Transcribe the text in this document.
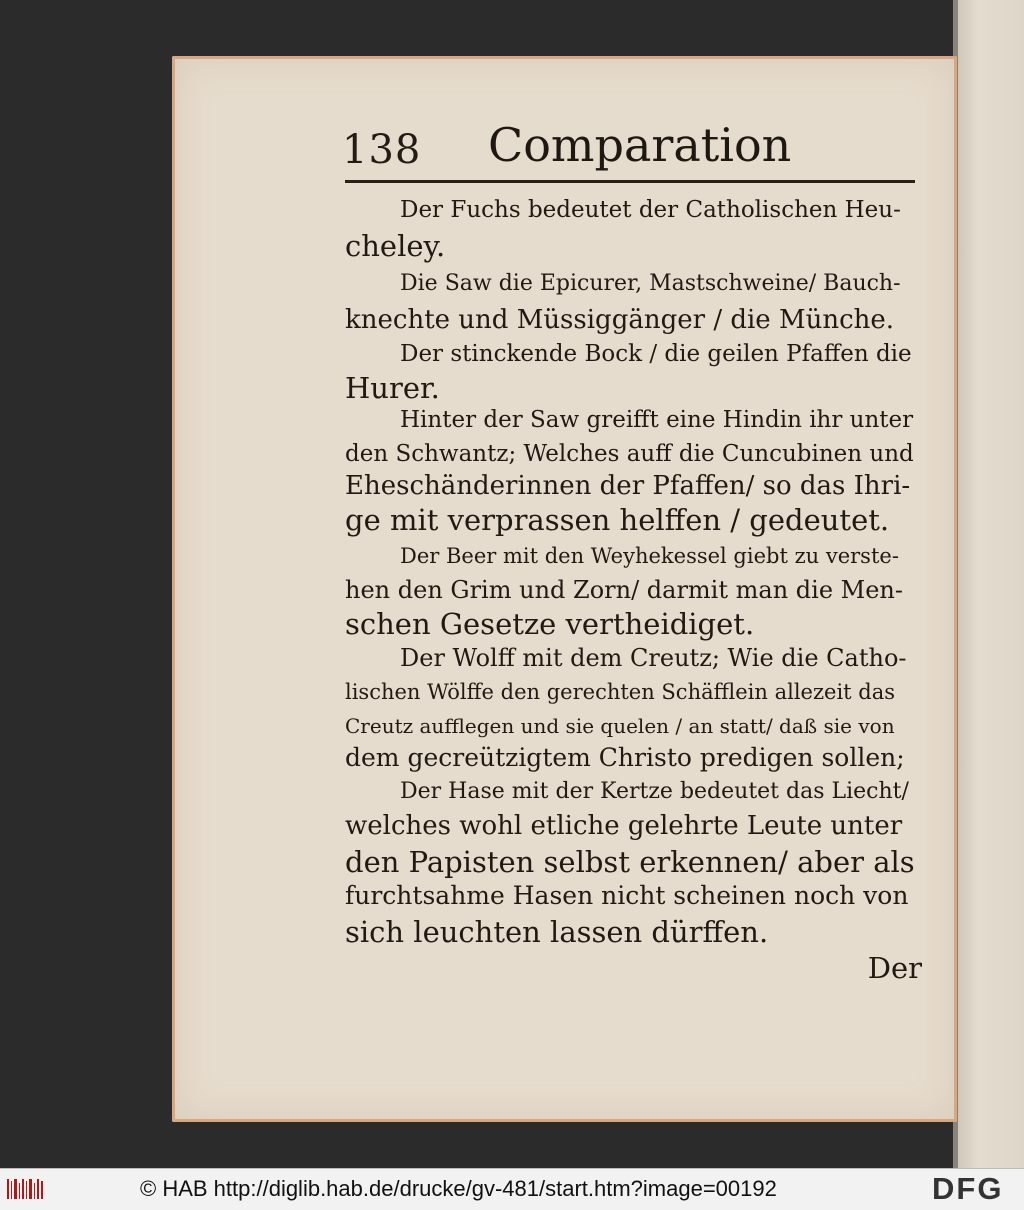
138 Comparation
Der Fuchs bedeutet der Catholischen Heu-
cheley.
Die Saw die Epicurer, Mastschweine/ Bauch-
knechte und Müssiggänger / die Münche.
Der stinckende Bock / die geilen Pfaffen die
Hurer.
Hinter der Saw greifft eine Hindin ihr unter
den Schwantz; Welches auff die Cuncubinen und
Eheschänderinnen der Pfaffen/ so das Ihri-
ge mit verprassen helffen / gedeutet.
Der Beer mit den Weyhekessel giebt zu verste-
hen den Grim und Zorn/ darmit man die Men-
schen Gesetze vertheidiget.
Der Wolff mit dem Creutz; Wie die Catho-
lischen Wölffe den gerechten Schäfflein allezeit das
Creutz aufflegen und sie quelen / an statt/ daß sie von
dem gecreützigtem Christo predigen sollen;
Der Hase mit der Kertze bedeutet das Liecht/
welches wohl etliche gelehrte Leute unter
den Papisten selbst erkennen/ aber als
furchtsahme Hasen nicht scheinen noch von
sich leuchten lassen dürffen.
Der
© HAB http://diglib.hab.de/drucke/gv-481/start.htm?image=00192	DFG
